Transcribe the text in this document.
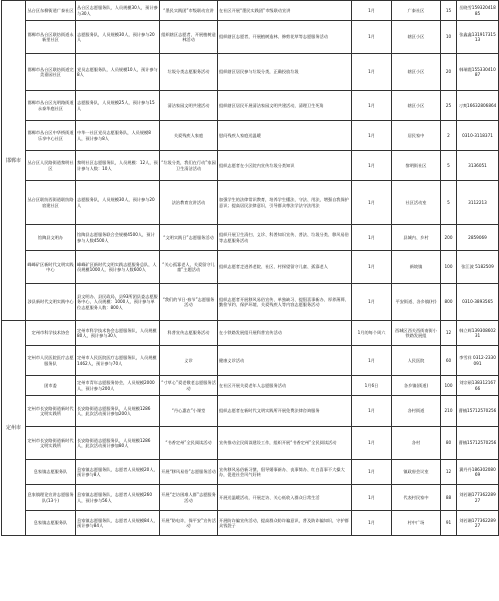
邯郸市	丛台区东柳街道广泰社区	丛台区志愿服务队，人员规模30人，预计参与30人	“墨民实践团”市级联动宣讲	在社区开展“墨民实践团”市级联动宣讲	1月	广泰社区	15	岳晓雪15932041885
	邯郸市丛台区联纺街道永新里社区	志愿服务队，人员规模30人，预计参与20人	组织辖区志愿者，开展植树造林活动	组织辖区志愿者，开展植树造林、修剪花草等志愿服务活动	1月	辖区小区	10	张鑫鑫13191731513
	邯郸市丛台区联纺街道完美嘉园社区	党员志愿服务队，人员规模10人，预计参与8人	垃圾分类志愿服务活动	组织辖区居民参与垃圾分类，正确投放垃圾	1月	辖区小区	20	韩瑞霞15533041087
	邯郸市丛台区光明路街道永泰华庭社区	志愿服务队，人员规模25人，预计参与15人	清洁家园文明共建活动	组织辖区居民开展清洁家园文明共建活动，清理卫生死角	1月	辖区小区	25	刁爽16632806864
	邯郸市丛台区中华桥街道乐享中心社区	中华一社区党员志愿服务队，人员规模8人，预计参与8人	关爱残疾人家庭	慰问残疾人家庭送温暖	1月	居民家中	2	0310-3118371
	丛台区人民路街道黎明社区	黎明社区志愿服务队，人员规模：12人，预计参与人数：10人	“垃圾分类，我们在行动”家园卫生清洁活动	组织志愿者在小区院内宣传垃圾分类知识	1月	黎明街社区	5	3136051
	丛台区联纺西街道联纺路宿建社区	志愿服务队，人员规模30人，预计参与20人	法治教育宣讲活动	加强学生的法律常识教育，培养学生懂法、守法、用法，增强自我保护意识；提高居民法律意识，引导群众尊法学法守法用法	1月	社区活动室	5	3112213
	馆陶县文明办	馆陶县志愿服务联合会规模4500人，预计参与人数4500人	“文明实践日”志愿服务活动	组织开展卫生清扫、义诊、科普知识宣传、普法、垃圾分类、移风易俗等志愿服务活动	1月	县城内、乡村	200	2859069
	峰峰矿区新时代文明实践中心	峰峰矿区新时代文明实践志愿服务总队，人员规模1000人，预计参与人数600人	“关心孤寡老人，关爱留守儿童”主题活动	组织志愿者走进养老院、社区、村探望留守儿童、孤寡老人	1月	新坡镇	100	张江波 5182509
	涉县新时代文明实践中心	县文明办、县民政局，县93所团县委志愿服务中心，人员规模：1000人，预计参与单位志愿服务人数：800人	“我们的节日·春节”志愿服务活动	组织志愿者开展移风易俗宣传、单独缺习、提倡喜事新办、厚养薄葬、勤俭节约、保护环境、关爱残疾人等内容志愿服务活动	1月	平安街道、各乡镇(村)	800	0310-3893565

定州市	定州市科学技术协会	定州市科学技术协会志愿服务队，人员规模80人，预计参与30人	科普宣传志愿服务活动	在小铁路发展组开展科普宣传活动	1月的每个周六	西城区西关西街南街小铁路发展组	12	韩立辉13930860231
	定州市人民医院医疗志愿服务队	定州市人民医院医疗志愿服务队，人员规模1462人，预计参与70人	义诊	健康义诊活动	1月	人民医院	60	李雪祥 0312-2330091
	团市委	定州市青年志愿服务协会，人员规模2000人，预计参与200人	“寸草心”爱老敬老志愿服务活动	在社区开展关爱老年人志愿服务活动	1月6日	各乡镇(街道)	100	刘宗硕13831216766
	定州市长安路街道新时代文明实践所	长安路街道志愿服务队，人员规模1286人，此次活动预计参加200人	“丹心惠农”小课堂	组织志愿者在新时代文明实践所开展免费法律咨询服务	1月	各村街道	210	曹楠15712570256
	定州市长安路街道新时代文明实践所	长安路街道志愿服务队，人员规模1286人，此次活动预计参加80人	“书香定州”全民阅读活动	宣传推动全民阅读建设工作，组织开展“书香定州”全民阅读活动	1月	各村	80	曹楠15712570256
	息家镇志愿服务队	息家镇志愿服务队，志愿者人员规模20人，预计参与8人	开展“移风易俗”志愿服务活动	宣传移风易俗新习惯，倡导婚事新办、丧事简办、红白喜事不大操大办，促进社会风气好转	1月	镇政府会议室	12	冀丹丹18630208069
	息家镇理论宣讲志愿服务队(13个)	息家镇志愿服务队，志愿者人员规模260人，预计参与56人	开展“走访困难人群”志愿服务活动	开展送温暖活动，开展走访、关心低收入群众日常生活	1月	代表村民家中	88	刘若珊17736228927
	息家镇志愿服务队	息家镇志愿服务队，志愿者人员规模84人，预计参与84人	开展“防电诈，保平安”宣传活动	开展防诈骗宣传活动，提高群众防诈骗意识，普及防诈骗知识，守护群众钱袋子	1月	村中广场	91	刘若珊17736228927
